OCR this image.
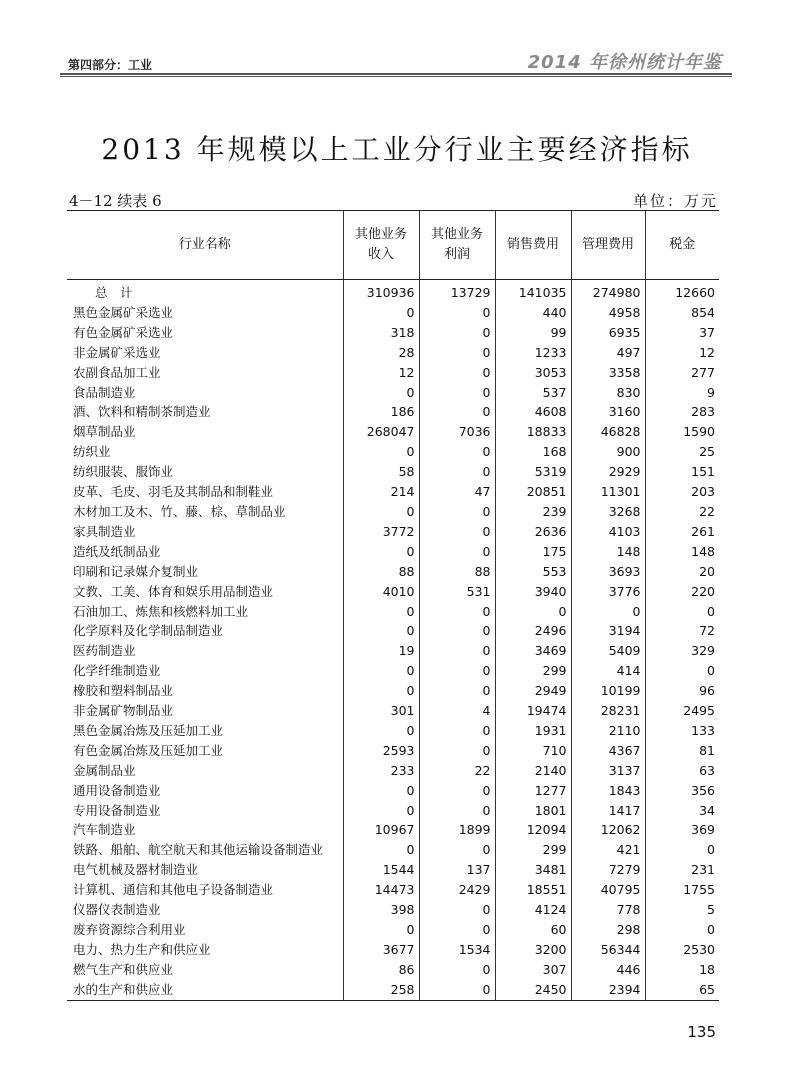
第四部分：工业	2014 年徐州统计年鉴
2013 年规模以上工业分行业主要经济指标
4－12 续表 6	单位：万元
行业名称	其他业务收入	其他业务利润	销售费用	管理费用	税金
总　计	310936	13729	141035	274980	12660
黑色金属矿采选业	0	0	440	4958	854
有色金属矿采选业	318	0	99	6935	37
非金属矿采选业	28	0	1233	497	12
农副食品加工业	12	0	3053	3358	277
食品制造业	0	0	537	830	9
酒、饮料和精制茶制造业	186	0	4608	3160	283
烟草制品业	268047	7036	18833	46828	1590
纺织业	0	0	168	900	25
纺织服装、服饰业	58	0	5319	2929	151
皮革、毛皮、羽毛及其制品和制鞋业	214	47	20851	11301	203
木材加工及木、竹、藤、棕、草制品业	0	0	239	3268	22
家具制造业	3772	0	2636	4103	261
造纸及纸制品业	0	0	175	148	148
印刷和记录媒介复制业	88	88	553	3693	20
文教、工美、体育和娱乐用品制造业	4010	531	3940	3776	220
石油加工、炼焦和核燃料加工业	0	0	0	0	0
化学原料及化学制品制造业	0	0	2496	3194	72
医药制造业	19	0	3469	5409	329
化学纤维制造业	0	0	299	414	0
橡胶和塑料制品业	0	0	2949	10199	96
非金属矿物制品业	301	4	19474	28231	2495
黑色金属冶炼及压延加工业	0	0	1931	2110	133
有色金属冶炼及压延加工业	2593	0	710	4367	81
金属制品业	233	22	2140	3137	63
通用设备制造业	0	0	1277	1843	356
专用设备制造业	0	0	1801	1417	34
汽车制造业	10967	1899	12094	12062	369
铁路、船舶、航空航天和其他运输设备制造业	0	0	299	421	0
电气机械及器材制造业	1544	137	3481	7279	231
计算机、通信和其他电子设备制造业	14473	2429	18551	40795	1755
仪器仪表制造业	398	0	4124	778	5
废弃资源综合利用业	0	0	60	298	0
电力、热力生产和供应业	3677	1534	3200	56344	2530
燃气生产和供应业	86	0	307	446	18
水的生产和供应业	258	0	2450	2394	65
135
